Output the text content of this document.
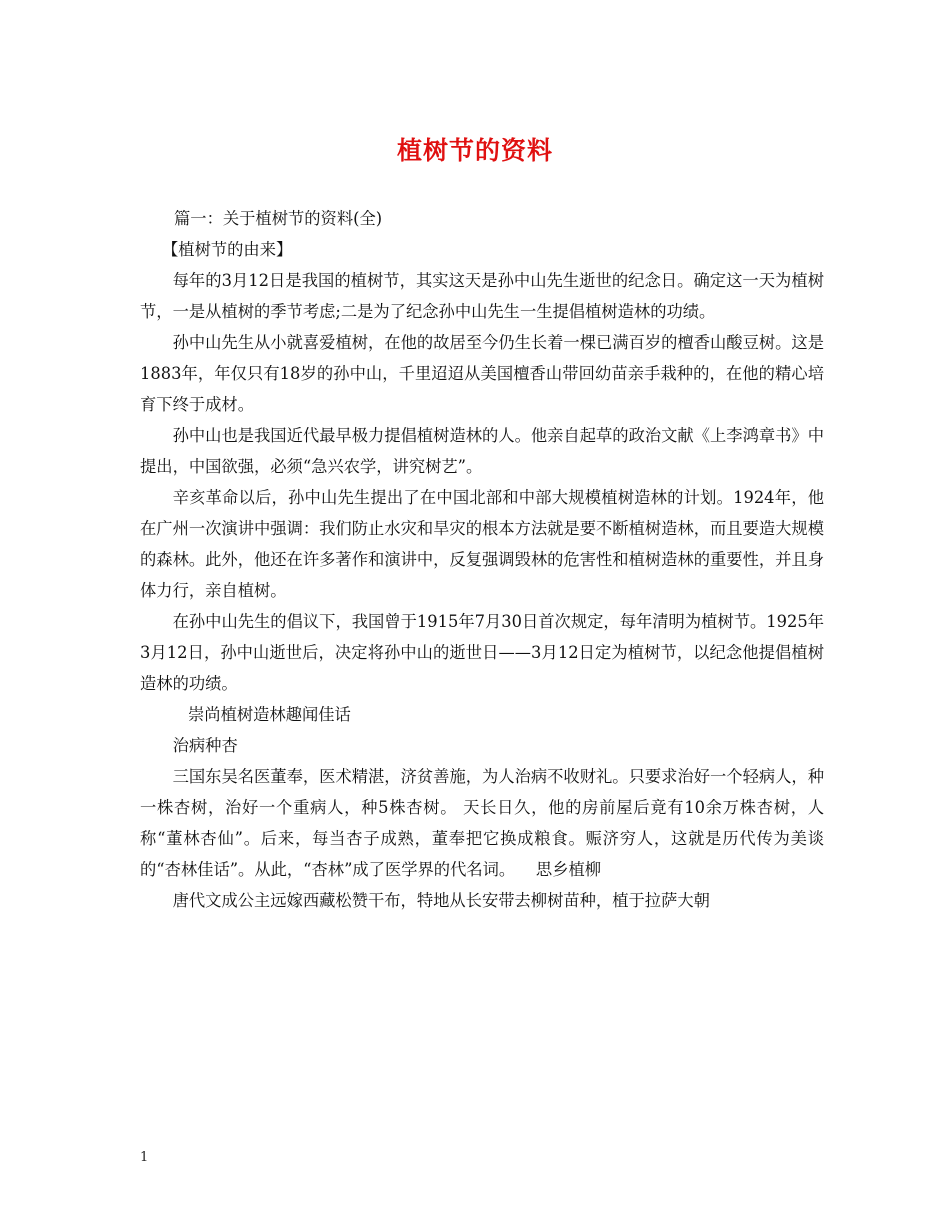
植树节的资料

篇一：关于植树节的资料(全)

【植树节的由来】

每年的3月12日是我国的植树节，其实这天是孙中山先生逝世的纪念日。确定这一天为植树节，一是从植树的季节考虑;二是为了纪念孙中山先生一生提倡植树造林的功绩。

孙中山先生从小就喜爱植树，在他的故居至今仍生长着一棵已满百岁的檀香山酸豆树。这是1883年，年仅只有18岁的孙中山，千里迢迢从美国檀香山带回幼苗亲手栽种的，在他的精心培育下终于成材。

孙中山也是我国近代最早极力提倡植树造林的人。他亲自起草的政治文献《上李鸿章书》中提出，中国欲强，必须“急兴农学，讲究树艺”。

辛亥革命以后，孙中山先生提出了在中国北部和中部大规模植树造林的计划。1924年，他在广州一次演讲中强调：我们防止水灾和旱灾的根本方法就是要不断植树造林，而且要造大规模的森林。此外，他还在许多著作和演讲中，反复强调毁林的危害性和植树造林的重要性，并且身体力行，亲自植树。

在孙中山先生的倡议下，我国曾于1915年7月30日首次规定，每年清明为植树节。1925年3月12日，孙中山逝世后，决定将孙中山的逝世日——3月12日定为植树节，以纪念他提倡植树造林的功绩。

崇尚植树造林趣闻佳话

治病种杏

三国东吴名医董奉，医术精湛，济贫善施，为人治病不收财礼。只要求治好一个轻病人，种一株杏树，治好一个重病人，种5株杏树。 天长日久，他的房前屋后竟有10余万株杏树，人称“董林杏仙”。后来，每当杏子成熟，董奉把它换成粮食。赈济穷人，这就是历代传为美谈的“杏林佳话”。从此，“杏林”成了医学界的代名词。 思乡植柳

唐代文成公主远嫁西藏松赞干布，特地从长安带去柳树苗种，植于拉萨大朝

1
